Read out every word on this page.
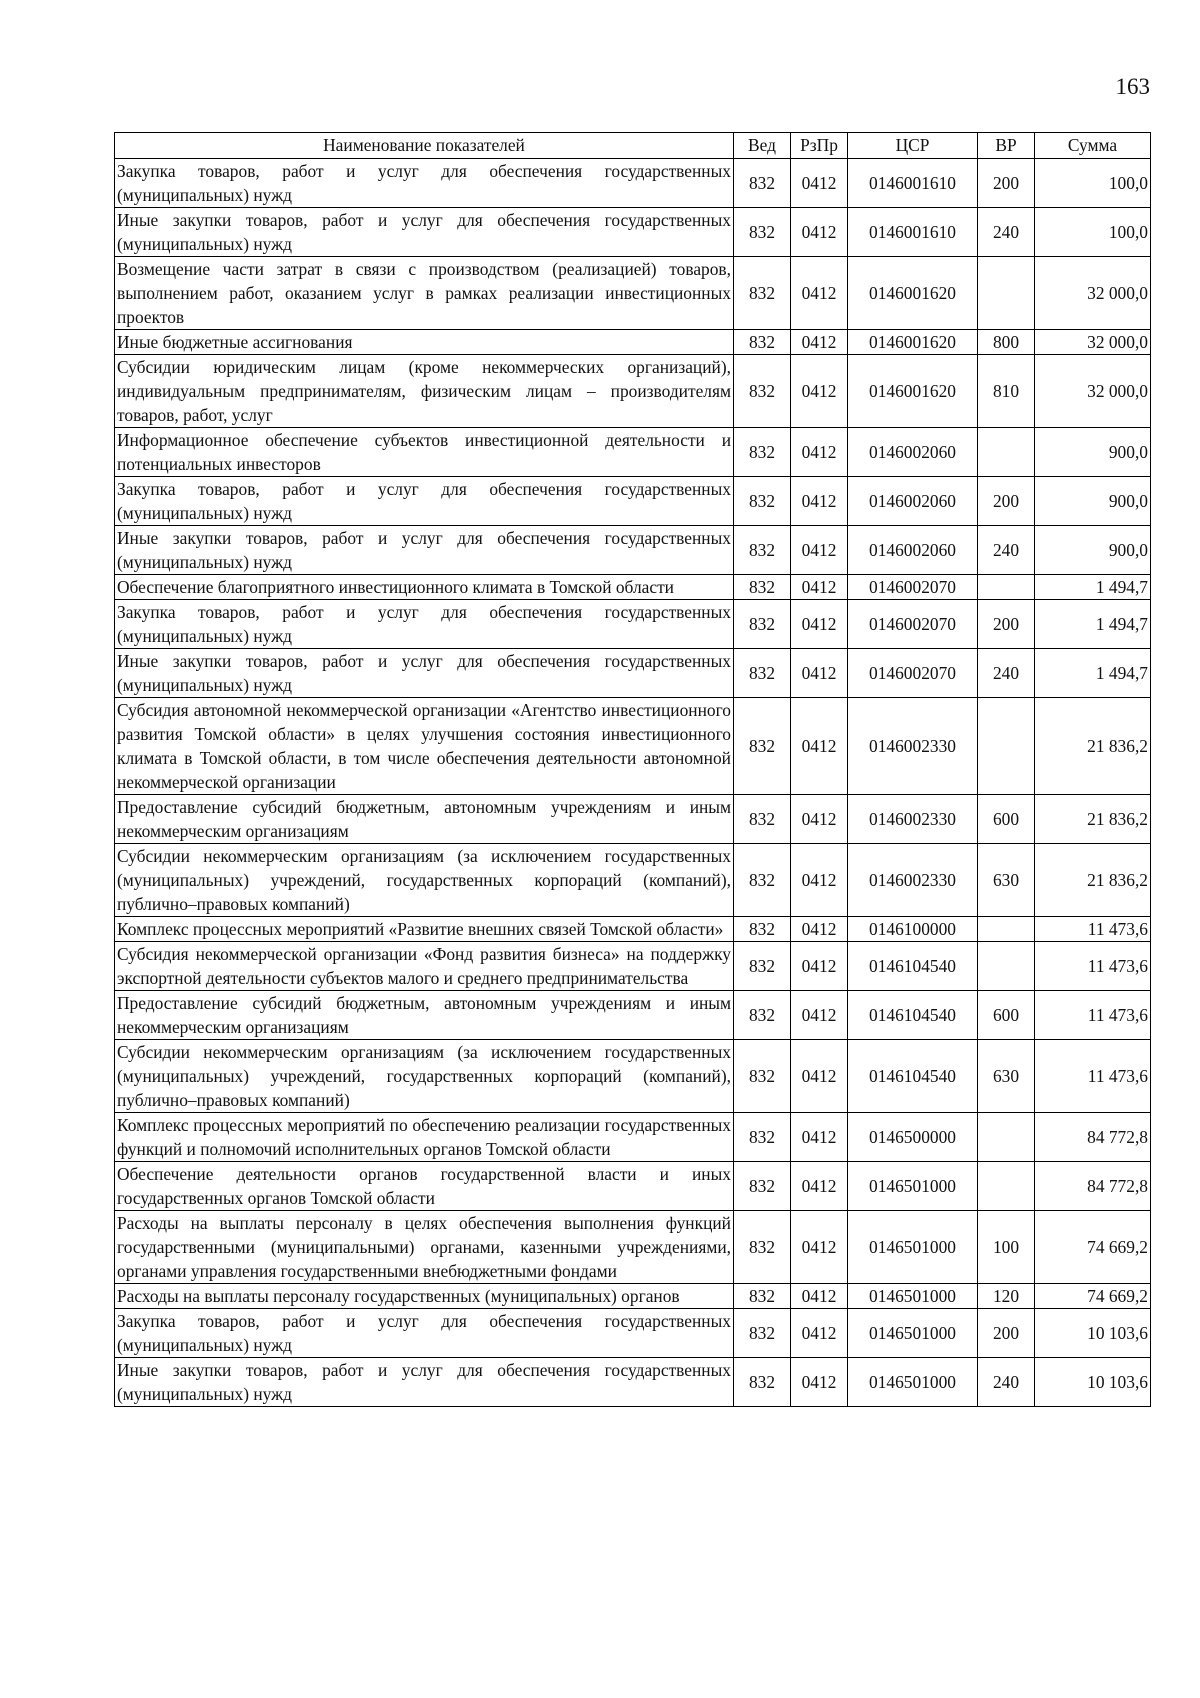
163
Наименование показателей	Вед	РзПр	ЦСР	ВР	Сумма
Закупка товаров, работ и услуг для обеспечения государственных (муниципальных) нужд	832	0412	0146001610	200	100,0
Иные закупки товаров, работ и услуг для обеспечения государственных (муниципальных) нужд	832	0412	0146001610	240	100,0
Возмещение части затрат в связи с производством (реализацией) товаров, выполнением работ, оказанием услуг в рамках реализации инвестиционных проектов	832	0412	0146001620		32 000,0
Иные бюджетные ассигнования	832	0412	0146001620	800	32 000,0
Субсидии юридическим лицам (кроме некоммерческих организаций), индивидуальным предпринимателям, физическим лицам – производителям товаров, работ, услуг	832	0412	0146001620	810	32 000,0
Информационное обеспечение субъектов инвестиционной деятельности и потенциальных инвесторов	832	0412	0146002060		900,0
Закупка товаров, работ и услуг для обеспечения государственных (муниципальных) нужд	832	0412	0146002060	200	900,0
Иные закупки товаров, работ и услуг для обеспечения государственных (муниципальных) нужд	832	0412	0146002060	240	900,0
Обеспечение благоприятного инвестиционного климата в Томской области	832	0412	0146002070		1 494,7
Закупка товаров, работ и услуг для обеспечения государственных (муниципальных) нужд	832	0412	0146002070	200	1 494,7
Иные закупки товаров, работ и услуг для обеспечения государственных (муниципальных) нужд	832	0412	0146002070	240	1 494,7
Субсидия автономной некоммерческой организации «Агентство инвестиционного развития Томской области» в целях улучшения состояния инвестиционного климата в Томской области, в том числе обеспечения деятельности автономной некоммерческой организации	832	0412	0146002330		21 836,2
Предоставление субсидий бюджетным, автономным учреждениям и иным некоммерческим организациям	832	0412	0146002330	600	21 836,2
Субсидии некоммерческим организациям (за исключением государственных (муниципальных) учреждений, государственных корпораций (компаний), публично–правовых компаний)	832	0412	0146002330	630	21 836,2
Комплекс процессных мероприятий «Развитие внешних связей Томской области»	832	0412	0146100000		11 473,6
Субсидия некоммерческой организации «Фонд развития бизнеса» на поддержку экспортной деятельности субъектов малого и среднего предпринимательства	832	0412	0146104540		11 473,6
Предоставление субсидий бюджетным, автономным учреждениям и иным некоммерческим организациям	832	0412	0146104540	600	11 473,6
Субсидии некоммерческим организациям (за исключением государственных (муниципальных) учреждений, государственных корпораций (компаний), публично–правовых компаний)	832	0412	0146104540	630	11 473,6
Комплекс процессных мероприятий по обеспечению реализации государственных функций и полномочий исполнительных органов Томской области	832	0412	0146500000		84 772,8
Обеспечение деятельности органов государственной власти и иных государственных органов Томской области	832	0412	0146501000		84 772,8
Расходы на выплаты персоналу в целях обеспечения выполнения функций государственными (муниципальными) органами, казенными учреждениями, органами управления государственными внебюджетными фондами	832	0412	0146501000	100	74 669,2
Расходы на выплаты персоналу государственных (муниципальных) органов	832	0412	0146501000	120	74 669,2
Закупка товаров, работ и услуг для обеспечения государственных (муниципальных) нужд	832	0412	0146501000	200	10 103,6
Иные закупки товаров, работ и услуг для обеспечения государственных (муниципальных) нужд	832	0412	0146501000	240	10 103,6
